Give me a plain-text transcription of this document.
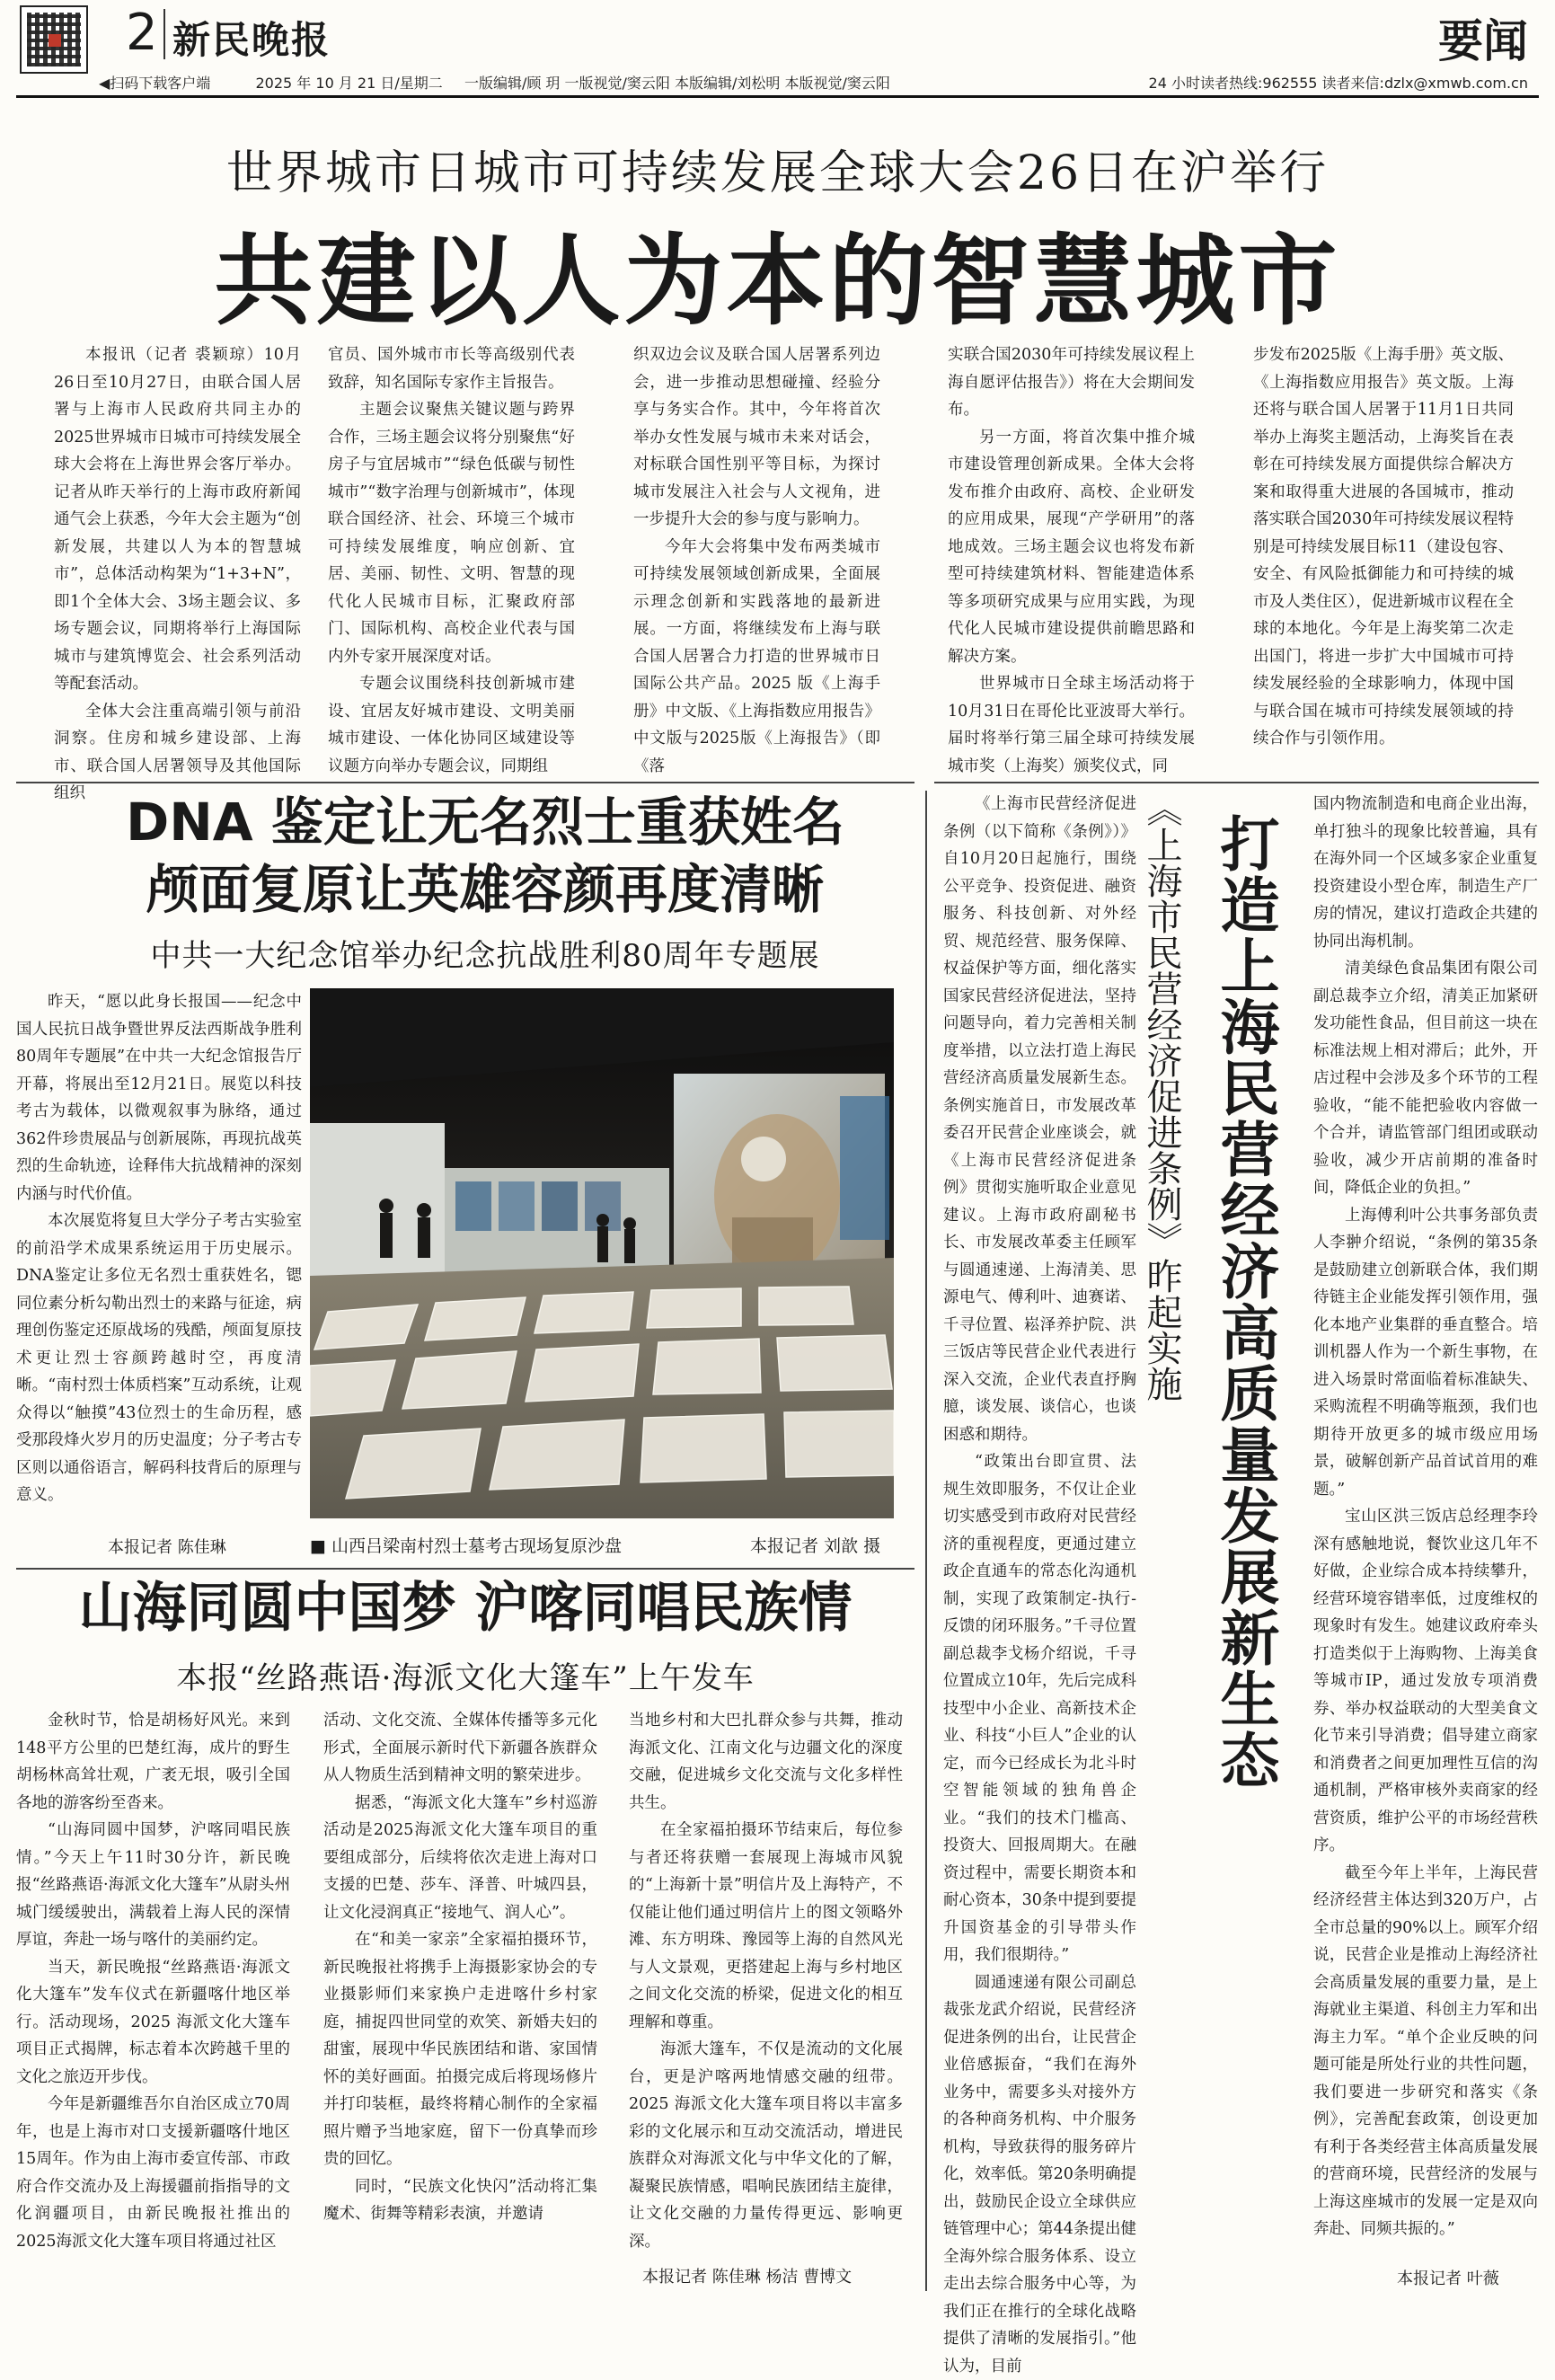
2 新民晚报	要闻
◀扫码下载客户端	2025 年 10 月 21 日/星期二 一版编辑/顾 玥 一版视觉/窦云阳 本版编辑/刘松明 本版视觉/窦云阳	24 小时读者热线:962555 读者来信:dzlx@xmwb.com.cn
世界城市日城市可持续发展全球大会26日在沪举行
共建以人为本的智慧城市

本报讯（记者 裘颖琼）10月26日至10月27日，由联合国人居署与上海市人民政府共同主办的2025世界城市日城市可持续发展全球大会将在上海世界会客厅举办。记者从昨天举行的上海市政府新闻通气会上获悉，今年大会主题为“创新发展，共建以人为本的智慧城市”，总体活动构架为“1+3+N”，即1个全体大会、3场主题会议、多场专题会议，同期将举行上海国际城市与建筑博览会、社会系列活动等配套活动。

全体大会注重高端引领与前沿洞察。住房和城乡建设部、上海市、联合国人居署领导及其他国际组织

官员、国外城市市长等高级别代表致辞，知名国际专家作主旨报告。

主题会议聚焦关键议题与跨界合作，三场主题会议将分别聚焦“好房子与宜居城市”“绿色低碳与韧性城市”“数字治理与创新城市”，体现联合国经济、社会、环境三个城市可持续发展维度，响应创新、宜居、美丽、韧性、文明、智慧的现代化人民城市目标，汇聚政府部门、国际机构、高校企业代表与国内外专家开展深度对话。

专题会议围绕科技创新城市建设、宜居友好城市建设、文明美丽城市建设、一体化协同区域建设等议题方向举办专题会议，同期组

织双边会议及联合国人居署系列边会，进一步推动思想碰撞、经验分享与务实合作。其中，今年将首次举办女性发展与城市未来对话会，对标联合国性别平等目标，为探讨城市发展注入社会与人文视角，进一步提升大会的参与度与影响力。

今年大会将集中发布两类城市可持续发展领域创新成果，全面展示理念创新和实践落地的最新进展。一方面，将继续发布上海与联合国人居署合力打造的世界城市日国际公共产品。2025 版《上海手册》中文版、《上海指数应用报告》中文版与2025版《上海报告》（即《落

实联合国2030年可持续发展议程上海自愿评估报告》）将在大会期间发布。

另一方面，将首次集中推介城市建设管理创新成果。全体大会将发布推介由政府、高校、企业研发的应用成果，展现“产学研用”的落地成效。三场主题会议也将发布新型可持续建筑材料、智能建造体系等多项研究成果与应用实践，为现代化人民城市建设提供前瞻思路和解决方案。

世界城市日全球主场活动将于10月31日在哥伦比亚波哥大举行。届时将举行第三届全球可持续发展城市奖（上海奖）颁奖仪式，同

步发布2025版《上海手册》英文版、《上海指数应用报告》英文版。上海还将与联合国人居署于11月1日共同举办上海奖主题活动，上海奖旨在表彰在可持续发展方面提供综合解决方案和取得重大进展的各国城市，推动落实联合国2030年可持续发展议程特别是可持续发展目标11（建设包容、安全、有风险抵御能力和可持续的城市及人类住区），促进新城市议程在全球的本地化。今年是上海奖第二次走出国门，将进一步扩大中国城市可持续发展经验的全球影响力，体现中国与联合国在城市可持续发展领域的持续合作与引领作用。

DNA 鉴定让无名烈士重获姓名
颅面复原让英雄容颜再度清晰
中共一大纪念馆举办纪念抗战胜利80周年专题展

昨天，“愿以此身长报国——纪念中国人民抗日战争暨世界反法西斯战争胜利80周年专题展”在中共一大纪念馆报告厅开幕，将展出至12月21日。展览以科技考古为载体，以微观叙事为脉络，通过362件珍贵展品与创新展陈，再现抗战英烈的生命轨迹，诠释伟大抗战精神的深刻内涵与时代价值。

本次展览将复旦大学分子考古实验室的前沿学术成果系统运用于历史展示。DNA鉴定让多位无名烈士重获姓名，锶同位素分析勾勒出烈士的来路与征途，病理创伤鉴定还原战场的残酷，颅面复原技术更让烈士容颜跨越时空，再度清晰。“南村烈士体质档案”互动系统，让观众得以“触摸”43位烈士的生命历程，感受那段烽火岁月的历史温度；分子考古专区则以通俗语言，解码科技背后的原理与意义。

本报记者 陈佳琳	■ 山西吕梁南村烈士墓考古现场复原沙盘	本报记者 刘歆 摄
山海同圆中国梦 沪喀同唱民族情
本报“丝路燕语·海派文化大篷车”上午发车

金秋时节，恰是胡杨好风光。来到148平方公里的巴楚红海，成片的野生胡杨林高耸壮观，广袤无垠，吸引全国各地的游客纷至沓来。

“山海同圆中国梦，沪喀同唱民族情。”今天上午11时30分许，新民晚报“丝路燕语·海派文化大篷车”从尉头州城门缓缓驶出，满载着上海人民的深情厚谊，奔赴一场与喀什的美丽约定。

当天，新民晚报“丝路燕语·海派文化大篷车”发车仪式在新疆喀什地区举行。活动现场，2025 海派文化大篷车项目正式揭牌，标志着本次跨越千里的文化之旅迈开步伐。

今年是新疆维吾尔自治区成立70周年，也是上海市对口支援新疆喀什地区15周年。作为由上海市委宣传部、市政府合作交流办及上海援疆前指指导的文化润疆项目，由新民晚报社推出的2025海派文化大篷车项目将通过社区

活动、文化交流、全媒体传播等多元化形式，全面展示新时代下新疆各族群众从人物质生活到精神文明的繁荣进步。

据悉，“海派文化大篷车”乡村巡游活动是2025海派文化大篷车项目的重要组成部分，后续将依次走进上海对口支援的巴楚、莎车、泽普、叶城四县，让文化浸润真正“接地气、润人心”。

在“和美一家亲”全家福拍摄环节，新民晚报社将携手上海摄影家协会的专业摄影师们来家换户走进喀什乡村家庭，捕捉四世同堂的欢笑、新婚夫妇的甜蜜，展现中华民族团结和谐、家国情怀的美好画面。拍摄完成后将现场修片并打印装框，最终将精心制作的全家福照片赠予当地家庭，留下一份真挚而珍贵的回忆。

同时，“民族文化快闪”活动将汇集魔术、街舞等精彩表演，并邀请

当地乡村和大巴扎群众参与共舞，推动海派文化、江南文化与边疆文化的深度交融，促进城乡文化交流与文化多样性共生。

在全家福拍摄环节结束后，每位参与者还将获赠一套展现上海城市风貌的“上海新十景”明信片及上海特产，不仅能让他们通过明信片上的图文领略外滩、东方明珠、豫园等上海的自然风光与人文景观，更搭建起上海与乡村地区之间文化交流的桥梁，促进文化的相互理解和尊重。

海派大篷车，不仅是流动的文化展台，更是沪喀两地情感交融的纽带。2025 海派文化大篷车项目将以丰富多彩的文化展示和互动交流活动，增进民族群众对海派文化与中华文化的了解，凝聚民族情感，唱响民族团结主旋律，让文化交融的力量传得更远、影响更深。

本报记者 陈佳琳 杨洁 曹博文
打造上海民营经济高质量发展新生态
《上海市民营经济促进条例》昨起实施

《上海市民营经济促进条例（以下简称《条例》）》自10月20日起施行，围绕公平竞争、投资促进、融资服务、科技创新、对外经贸、规范经营、服务保障、权益保护等方面，细化落实国家民营经济促进法，坚持问题导向，着力完善相关制度举措，以立法打造上海民营经济高质量发展新生态。条例实施首日，市发展改革委召开民营企业座谈会，就《上海市民营经济促进条例》贯彻实施听取企业意见建议。上海市政府副秘书长、市发展改革委主任顾军与圆通速递、上海清美、思源电气、傅利叶、迪赛诺、千寻位置、崧泽养护院、洪三饭店等民营企业代表进行深入交流，企业代表直抒胸臆，谈发展、谈信心，也谈困惑和期待。

“政策出台即宣贯、法规生效即服务，不仅让企业切实感受到市政府对民营经济的重视程度，更通过建立政企直通车的常态化沟通机制，实现了政策制定-执行-反馈的闭环服务。”千寻位置副总裁李戈杨介绍说，千寻位置成立10年，先后完成科技型中小企业、高新技术企业、科技“小巨人”企业的认定，而今已经成长为北斗时空智能领域的独角兽企业。“我们的技术门槛高、投资大、回报周期大。在融资过程中，需要长期资本和耐心资本，30条中提到要提升国资基金的引导带头作用，我们很期待。”

圆通速递有限公司副总裁张龙武介绍说，民营经济促进条例的出台，让民营企业倍感振奋，“我们在海外业务中，需要多头对接外方的各种商务机构、中介服务机构，导致获得的服务碎片化，效率低。第20条明确提出，鼓励民企设立全球供应链管理中心；第44条提出健全海外综合服务体系、设立走出去综合服务中心等，为我们正在推行的全球化战略提供了清晰的发展指引。”他认为，目前

国内物流制造和电商企业出海，单打独斗的现象比较普遍，具有在海外同一个区域多家企业重复投资建设小型仓库，制造生产厂房的情况，建议打造政企共建的协同出海机制。

清美绿色食品集团有限公司副总裁李立介绍，清美正加紧研发功能性食品，但目前这一块在标准法规上相对滞后；此外，开店过程中会涉及多个环节的工程验收，“能不能把验收内容做一个合并，请监管部门组团或联动验收，减少开店前期的准备时间，降低企业的负担。”

上海傅利叶公共事务部负责人李翀介绍说，“条例的第35条是鼓励建立创新联合体，我们期待链主企业能发挥引领作用，强化本地产业集群的垂直整合。培训机器人作为一个新生事物，在进入场景时常面临着标准缺失、采购流程不明确等瓶颈，我们也期待开放更多的城市级应用场景，破解创新产品首试首用的难题。”

宝山区洪三饭店总经理李玲深有感触地说，餐饮业这几年不好做，企业综合成本持续攀升，经营环境容错率低，过度维权的现象时有发生。她建议政府牵头打造类似于上海购物、上海美食等城市IP，通过发放专项消费券、举办权益联动的大型美食文化节来引导消费；倡导建立商家和消费者之间更加理性互信的沟通机制，严格审核外卖商家的经营资质，维护公平的市场经营秩序。

截至今年上半年，上海民营经济经营主体达到320万户，占全市总量的90%以上。顾军介绍说，民营企业是推动上海经济社会高质量发展的重要力量，是上海就业主渠道、科创主力军和出海主力军。“单个企业反映的问题可能是所处行业的共性问题，我们要进一步研究和落实《条例》，完善配套政策，创设更加有利于各类经营主体高质量发展的营商环境，民营经济的发展与上海这座城市的发展一定是双向奔赴、同频共振的。”

本报记者 叶薇
